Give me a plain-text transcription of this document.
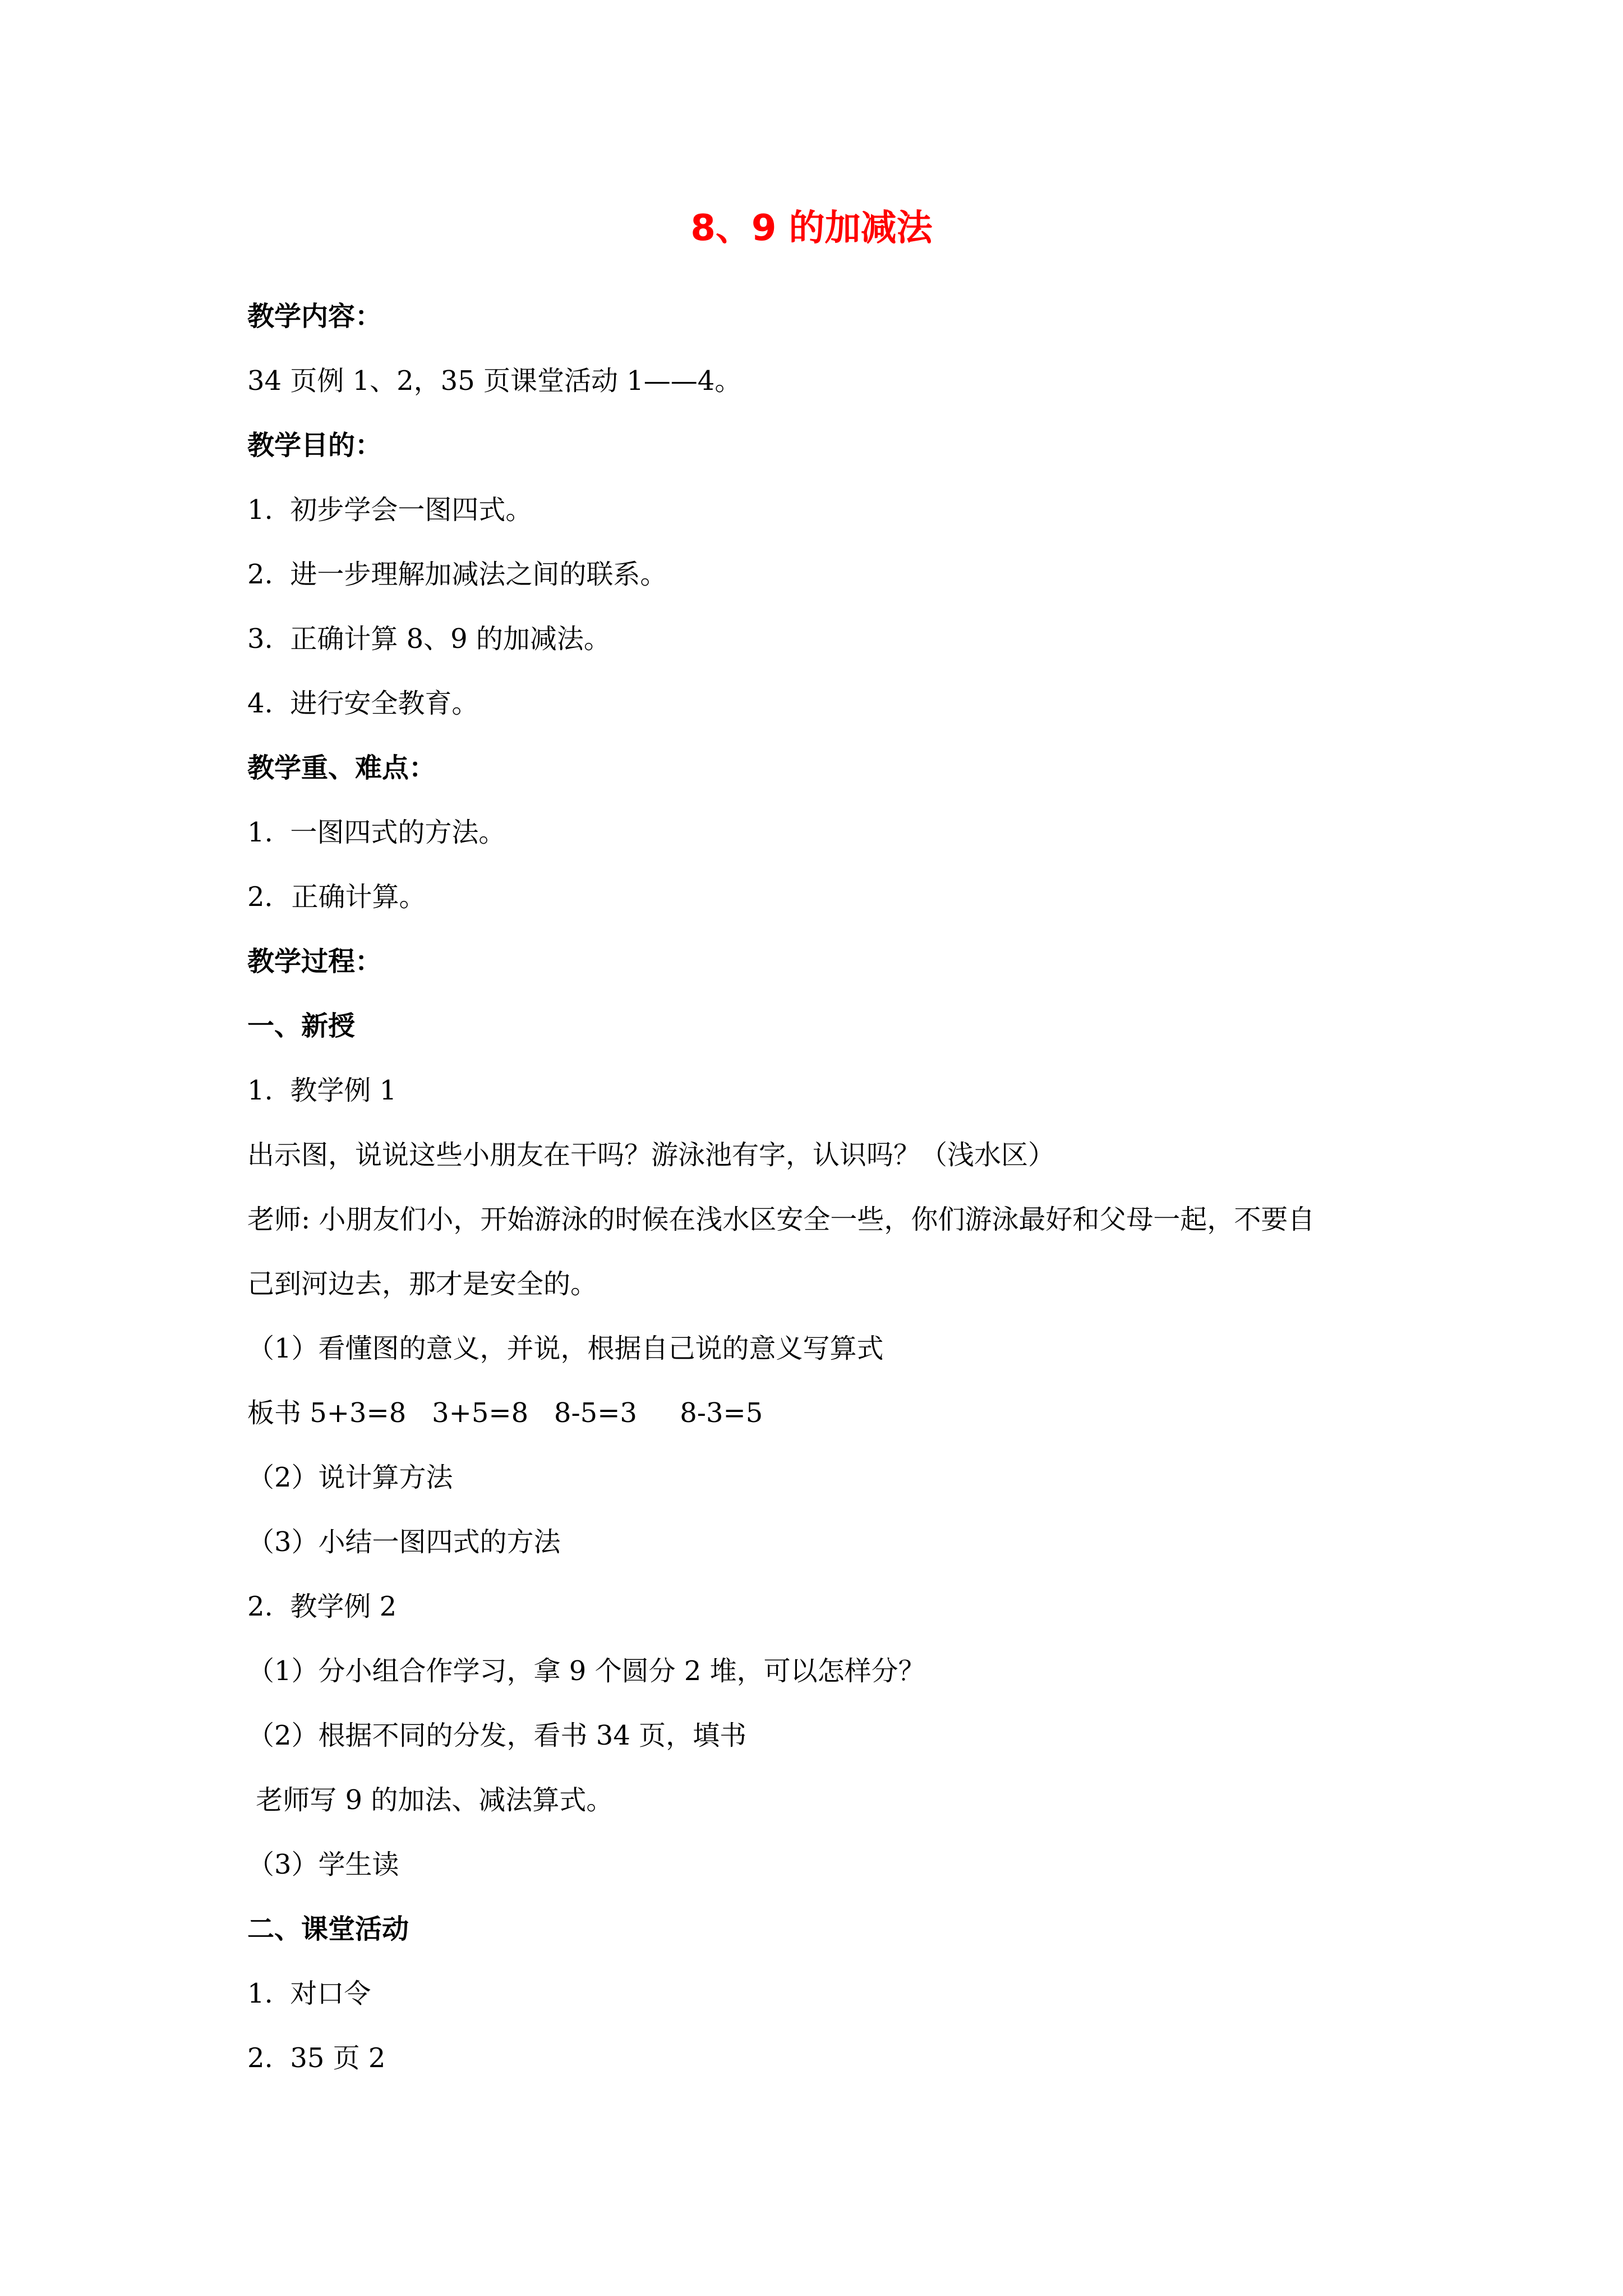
8、9 的加减法
教学内容：
34 页例 1、2，35 页课堂活动 1——4。
教学目的：
1.  初步学会一图四式。
2.  进一步理解加减法之间的联系。
3.  正确计算 8、9 的加减法。
4.  进行安全教育。
教学重、难点：
1.  一图四式的方法。
2．正确计算。
教学过程：
一、新授
1.  教学例 1
出示图，说说这些小朋友在干吗？游泳池有字，认识吗？（浅水区）
老师: 小朋友们小，开始游泳的时候在浅水区安全一些，你们游泳最好和父母一起，不要自
己到河边去，那才是安全的。
（1）看懂图的意义，并说，根据自己说的意义写算式
板书 5+3=8   3+5=8   8-5=3     8-3=5
（2）说计算方法
（3）小结一图四式的方法
2.  教学例 2
（1）分小组合作学习，拿 9 个圆分 2 堆，可以怎样分？
（2）根据不同的分发，看书 34 页，填书
老师写 9 的加法、减法算式。
（3）学生读
二、课堂活动
1.  对口令
2.  35 页 2
